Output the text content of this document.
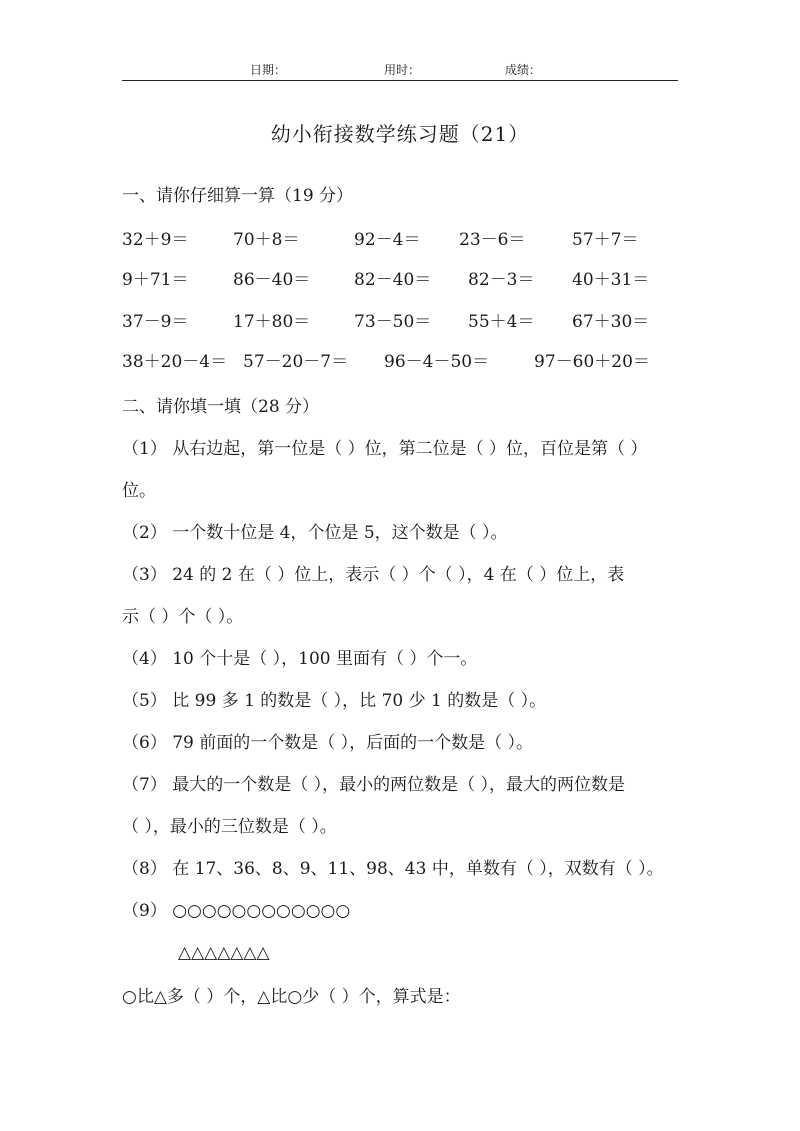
日期：	用时：	成绩：
幼小衔接数学练习题（21）
一、请你仔细算一算（19 分）
32＋9＝	70＋8＝	92－4＝ 23－6＝	57＋7＝
9＋71＝	86－40＝	82－40＝ 82－3＝ 40＋31＝
37－9＝	17＋80＝	73－50＝ 55＋4＝ 67＋30＝
38＋20－4＝ 57－20－7＝ 96－4－50＝	97－60＋20＝
二、请你填一填（28 分）
（1） 从右边起，第一位是（ ）位，第二位是（ ）位，百位是第（ ）
位。
（2） 一个数十位是 4，个位是 5，这个数是（ ）。
（3） 24 的 2 在（ ）位上，表示（ ）个（ ），4 在（ ）位上，表
示（ ）个（ ）。
（4） 10 个十是（ ），100 里面有（ ）个一。
（5） 比 99 多 1 的数是（ ），比 70 少 1 的数是（ ）。
（6） 79 前面的一个数是（ ），后面的一个数是（ ）。
（7） 最大的一个数是（ ），最小的两位数是（ ），最大的两位数是
（ ），最小的三位数是（ ）。
（8） 在 17、36、8、9、11、98、43 中，单数有（ ），双数有（ ）。
（9） ○○○○○○○○○○○○
△△△△△△△
○比△多（ ）个，△比○少（ ）个，算式是：
